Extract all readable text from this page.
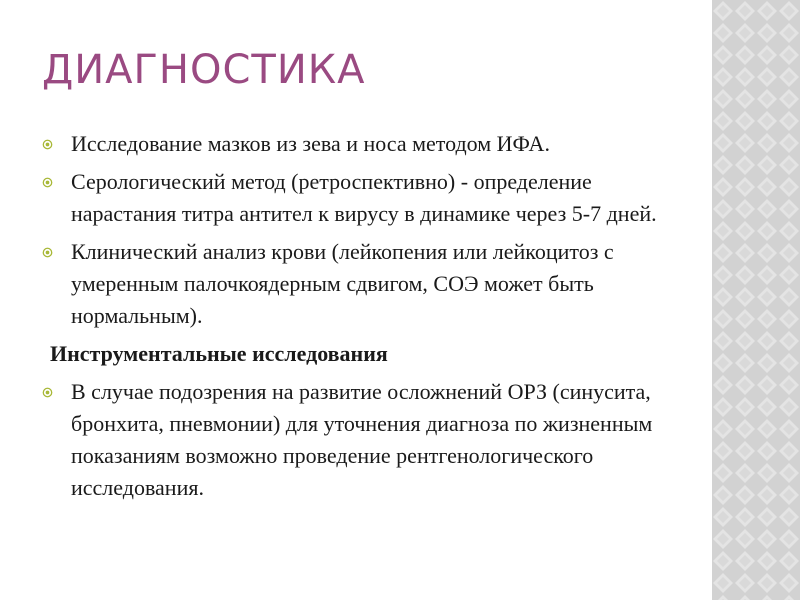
ДИАГНОСТИКА
Исследование мазков из зева и носа методом ИФА.
Серологический метод (ретроспективно) - определение нарастания титра антител к вирусу в динамике через 5-7 дней.
Клинический анализ крови (лейкопения или лейкоцитоз с умеренным палочкоядерным сдвигом, СОЭ может быть нормальным).
Инструментальные исследования
В случае подозрения на развитие осложнений ОРЗ (синусита, бронхита, пневмонии) для уточнения диагноза по жизненным показаниям возможно проведение рентгенологического исследования.
